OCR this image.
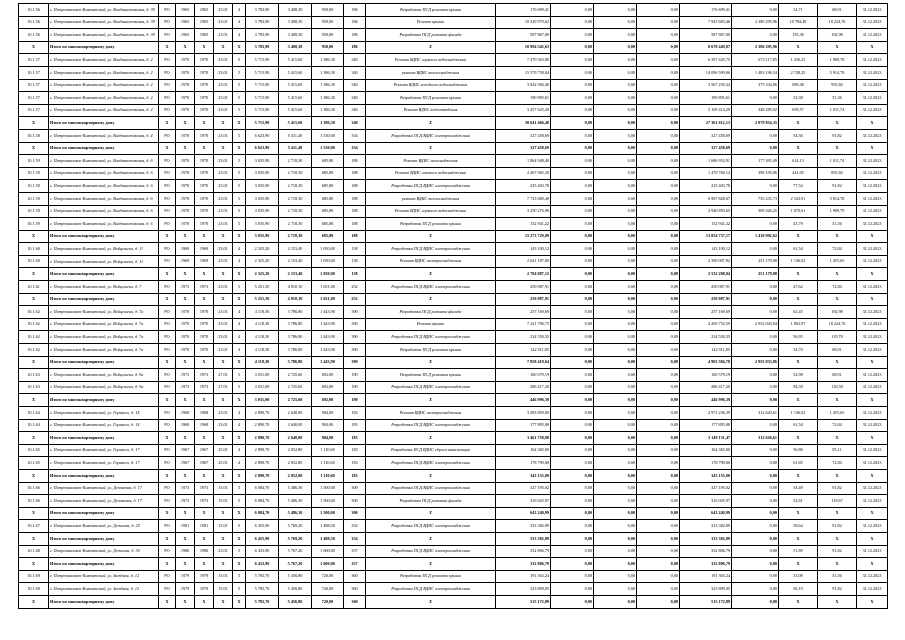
10.1.56	г. Петропавловск-Камчатский, ул. Владивостокская, д. 39	РО	1965	1965	23.01	4	3 783,90	3 408,30	950,00	186	Разработка ПСД ремонта крыши	176 699,41	0,00	0,00	0,00	176 699,41	0,00	34,71	68,91	31.12.2023
10.1.56	г. Петропавловск-Камчатский, ул. Владивостокская, д. 39	РО	1965	1965	23.01	4	3 783,90	3 408,30	950,00	186	Ремонт крыши	10 329 979,62	0,00	0,00	0,00	7 943 683,46	2 386 295,96	10 784,49	18 224,76	31.12.2023
10.1.56	г. Петропавловск-Камчатский, ул. Владивостокская, д. 39	РО	1965	1965	23.01	4	3 783,90	3 408,30	950,00	186	Разработка ПСД ремонта фасада	587 867,00	0,00	0,00	0,00	587 867,00	0,00	155,36	192,98	31.12.2023
X	Итого по многоквартирному дому	X	X	X	X	X	3 783,90	3 408,30	950,00	186	X	10 994 545,63	0,00	0,00	0,00	8 678 449,87	2 386 295,96	X	X	X
10.1.57	г. Петропавловск-Камчатский, ул. Владивостокская, д. 2	РО	1970	1970	23.01	5	5 715,90	5 415,60	1 386,30	340	Ремонт ВДИС горячего водоснабжения	7 470 563,80	0,00	0,00	0,00	6 397 445,75	673 117,85	1 236,25	1 909,78	31.12.2023
10.1.57	г. Петропавловск-Камчатский, ул. Владивостокская, д. 2	РО	1970	1970	23.01	5	5 715,90	5 415,60	1 386,30	340	ремонт ВДИС теплоснабжения	15 579 758,04	0,00	0,00	0,00	14 096 599,06	1 483 196,54	2 728,25	5 914,78	31.12.2023
10.1.57	г. Петропавловск-Камчатский, ул. Владивостокская, д. 2	РО	1970	1970	23.01	5	5 715,90	5 415,60	1 386,30	340	Ремонт ВДИС холодного водоснабжения	3 942 584,40	0,00	0,00	0,00	3 567 250,34	375 334,06	699,48	955,84	31.12.2023
10.1.57	г. Петропавловск-Камчатский, ул. Владивостокская, д. 2	РО	1970	1970	23.01	5	5 715,90	5 415,60	1 386,30	340	Разработка ПСД ремонта крыши	190 895,61	0,00	0,00	0,00	190 895,61	0,00	33,38	51,36	31.12.2023
10.1.57	г. Петропавловск-Камчатский, ул. Владивостокская, д. 2	РО	1970	1970	23.01	5	5 715,90	5 415,60	1 386,30	340	Ремонт ВДИС водоотведения	3 457 625,20	0,00	0,00	0,00	3 109 414,28	348 285,92	659,57	1 011,74	31.12.2023
X	Итого по многоквартирному дому	X	X	X	X	X	5 715,90	5 415,60	1 386,30	340	X	30 641 466,48	0,00	0,00	0,00	27 361 612,13	2 879 854,35	X	X	X
10.1.58	г. Петропавловск-Камчатский, ул. Владивостокская, д. 4	РО	1970	1970	23.01	5	6 623,90	5 411,40	1 530,00	354	Разработка ПСД ВДИС электроснабжения	327 458,69	0,00	0,00	0,00	327 458,69	0,00	54,36	91,82	31.12.2023
X	Итого по многоквартирному дому	X	X	X	X	X	6 623,90	5 411,40	1 530,00	354	X	327 458,69	0,00	0,00	0,00	327 458,69	0,00	X	X	X
10.1.59	г. Петропавловск-Камчатский, ул. Владивостокская, д. 6	РО	1970	1970	23.01	5	3 035,90	2 718,30	685,80	188	Ремонт ВДИС газоснабжения	1 864 948,40	0,00	0,00	0,00	1 686 952,91	177 495,49	614,13	1 011,74	31.12.2023
10.1.59	г. Петропавловск-Камчатский, ул. Владивостокская, д. 6	РО	1970	1970	23.01	5	3 035,90	2 718,30	685,80	188	Ремонт ВДИС газового водоснабжения	2 467 965,20	0,00	0,00	0,00	1 470 760,14	396 105,06	441,05	855,84	31.12.2023
10.1.59	г. Петропавловск-Камчатский, ул. Владивостокская, д. 6	РО	1970	1970	23.01	5	3 035,90	2 718,30	685,80	188	Разработка ПСД ВДИС электроснабжения	235 403,78	0,00	0,00	0,00	235 403,78	0,00	77,54	91,82	31.12.2023
10.1.59	г. Петропавловск-Камчатский, ул. Владивостокская, д. 6	РО	1970	1970	23.01	5	3 035,90	2 718,30	685,80	188	ремонт ВДИС теплоснабжения	7 723 069,40	0,00	0,00	0,00	6 987 828,67	735 235,73	2 543,91	5 914,78	31.12.2023
10.1.59	г. Петропавловск-Камчатский, ул. Владивостокская, д. 6	РО	1970	1970	23.01	5	3 035,90	2 718,30	685,80	188	Ремонт ВДИС горячего водоснабжения	3 250 276,90	0,00	0,00	0,00	2 940 850,65	309 426,25	1 070,61	1 909,79	31.12.2023
10.1.59	г. Петропавловск-Камчатский, ул. Владивостокская, д. 6	РО	1970	1970	23.01	5	3 035,90	2 718,30	685,80	188	Разработка ПСД ремонта крыши	132 941,22	0,00	0,00	0,00	132 941,22	0,00	43,79	51,36	31.12.2023
X	Итого по многоквартирному дому	X	X	X	X	X	3 035,90	2 718,30	685,80	188	X	15 273 729,09	0,00	0,00	0,00	13 854 737,17	1 418 992,62	X	X	X
10.1.60	г. Петропавловск-Камчатский, ул. Войцешека, д. 11	РО	1969	1969	23.01	4	2 325,20	2 153,40	1 050,00	138	Разработка ПСД ВДИС электроснабжения	143 100,12	0,00	0,00	0,00	143 100,12	0,00	61,54	72,84	31.12.2023
10.1.60	г. Петропавловск-Камчатский, ул. Войцешека, д. 11	РО	1969	1969	23.01	4	2 325,20	2 153,40	1 050,00	138	Ремонт ВДИС электроснабжения	2 641 187,00	0,00	0,00	0,00	2 390 007,92	251 179,08	1 136,02	1 455,65	31.12.2023
X	Итого по многоквартирному дому	X	X	X	X	X	2 325,20	2 153,40	1 050,00	138	X	2 784 087,12	0,00	0,00	0,00	2 532 208,04	251 179,08	X	X	X
10.1.61	г. Петропавловск-Камчатский, ул. Войцешека, д. 7	РО	1973	1973	23.01	5	5 251,50	4 910,10	1 651,00	252	Разработка ПСД ВДИС электроснабжения	250 087,91	0,00	0,00	0,00	250 087,91	0,00	47,62	72,84	31.12.2023
X	Итого по многоквартирному дому	X	X	X	X	X	5 251,50	4 910,10	1 651,00	252	X	250 087,91	0,00	0,00	0,00	250 087,91	0,00	X	X	X
10.1.62	г. Петропавловск-Камчатский, ул. Войцешека, д. 7а	РО	1970	1970	23.01	4	4 118,30	3 786,80	1 443,90	390	Разработка ПСД ремонта фасада	257 169,69	0,00	0,00	0,00	257 169,69	0,00	62,45	192,98	31.12.2023
10.1.62	г. Петропавловск-Камчатский, ул. Войцешека, д. 7а	РО	1970	1970	23.01	4	4 118,30	3 786,80	1 443,90	390	Ремонт крыши	7 221 796,75	0,00	0,00	0,00	4 269 752,59	2 952 043,94	1 802,97	18 224,76	31.12.2023
10.1.62	г. Петропавловск-Камчатский, ул. Войцешека, д. 7а	РО	1970	1970	23.01	4	4 118,30	3 786,80	1 443,90	390	Разработка ПСД ВДИС электроснабжения	234 550,35	0,00	0,00	0,00	234 550,35	0,00	56,95	119,78	31.12.2023
10.1.62	г. Петропавловск-Камчатский, ул. Войцешека, д. 7а	РО	1970	1970	23.01	4	4 118,30	3 786,80	1 443,90	390	Разработка ПСД ремонта крыши	142 911,85	0,00	0,00	0,00	142 911,85	0,00	34,70	68,91	31.12.2023
X	Итого по многоквартирному дому	X	X	X	X	X	4 118,30	3 786,80	1 443,90	390	X	7 858 418,64	0,00	0,00	0,00	4 903 384,78	2 955 033,86	X	X	X
10.1.63	г. Петропавловск-Камчатский, ул. Войцешека, д. 9а	РО	1973	1973	27.01	5	3 031,00	2 725,60	692,00	190	Разработка ПСД ремонта крыши	160 579,19	0,00	0,00	0,00	160 579,19	0,00	52,98	68,91	31.12.2023
10.1.63	г. Петропавловск-Камчатский, ул. Войцешека, д. 9а	РО	1973	1973	27.01	5	3 031,00	2 725,60	692,00	190	Разработка ПСД ВДИС электроснабжения	286 417,20	0,00	0,00	0,00	286 417,20	0,00	94,50	116,58	31.12.2023
X	Итого по многоквартирному дому	X	X	X	X	X	3 031,00	2 725,60	692,00	190	X	446 996,39	0,00	0,00	0,00	446 996,39	0,00	X	X	X
10.1.64	г. Петропавловск-Камчатский, ул. Горького, д. 14	РО	1968	1968	23.01	4	2 890,70	2 640,00	904,00	183	Ремонт ВДИС электроснабжения	3 283 859,00	0,00	0,00	0,00	2 971 236,39	312 620,61	1 136,02	1 455,65	31.12.2023
10.1.64	г. Петропавловск-Камчатский, ул. Горького, д. 14	РО	1968	1968	23.01	4	2 890,70	2 640,00	904,00	183	Разработка ПСД ВДИС электроснабжения	177 895,08	0,00	0,00	0,00	177 895,08	0,00	61,54	72,84	31.12.2023
X	Итого по многоквартирному дому	X	X	X	X	X	2 890,70	2 640,00	904,00	183	X	3 461 758,08	0,00	0,00	0,00	3 149 131,47	312 626,61	X	X	X
10.1.65	г. Петропавловск-Камчатский, ул. Горького, д. 17	РО	1967	1967	25.01	4	2 890,70	2 052,80	1 110,60	183	Разработка ПСД ВДИС сброса канализации	164 365,00	0,00	0,00	0,00	164 365,00	0,00	56,86	85,11	31.12.2023
10.1.65	г. Петропавловск-Камчатский, ул. Горького, д. 17	РО	1967	1967	25.01	4	2 890,70	2 052,80	1 110,60	183	Разработка ПСД ВДИС электроснабжения	178 790,00	0,00	0,00	0,00	178 790,00	0,00	61,85	72,84	31.12.2023
X	Итого по многоквартирному дому	X	X	X	X	X	2 890,70	2 052,80	1 110,60	183	X	343 155,00	0,00	0,00	0,00	343 155,00	0,00	X	X	X
10.1.66	г. Петропавловск-Камчатский, ул. Деповская, д. 17	РО	1973	1973	15.01	5	6 084,70	5 486,30	1 500,00	300	Разработка ПСД ВДИС электроснабжения	327 195,02	0,00	0,00	0,00	327 195,02	0,00	54,49	91,82	31.12.2023
10.1.66	г. Петропавловск-Камчатский, ул. Деповская, д. 17	РО	1973	1973	15.01	5	6 084,70	5 486,30	1 500,00	300	Разработка ПСД ремонта фасада	316 045,97	0,00	0,00	0,00	316 045,97	0,00	52,61	119,67	31.12.2023
X	Итого по многоквартирному дому	X	X	X	X	X	6 084,70	5 486,30	1 500,00	300	X	643 240,99	0,00	0,00	0,00	643 240,99	0,00	X	X	X
10.1.67	г. Петропавловск-Камчатский, ул. Дежнева, д. 25	РО	1981	1981	15.01	5	6 455,90	5 769,20	1 488,50	354	Разработка ПСД ВДИС электроснабжения	333 382,89	0,00	0,00	0,00	333 382,89	0,00	58,64	91,82	31.12.2023
X	Итого по многоквартирному дому	X	X	X	X	X	6 455,90	5 769,20	1 488,50	354	X	333 382,89	0,00	0,00	0,00	333 382,89	0,00	X	X	X
10.1.68	г. Петропавловск-Камчатский, ул. Дежнева, д. 30	РО	1980	1980	23.01	5	6 433,90	5 767,20	1 600,00	357	Разработка ПСД ВДИС электроснабжения	332 806,79	0,00	0,00	0,00	332 806,79	0,00	51,89	91,82	31.12.2023
X	Итого по многоквартирному дому	X	X	X	X	X	6 433,90	5 767,20	1 600,00	357	X	332 806,79	0,00	0,00	0,00	332 806,79	0,00	X	X	X
10.1.69	г. Петропавловск-Камчатский, ул. Звездная, д. 12	РО	1979	1979	15.01	5	5 783,70	5 456,80	720,00	360	Разработка ПСД ремонта крыши	191 363,24	0,00	0,00	0,00	191 363,24	0,00	33,08	51,36	31.12.2023
10.1.69	г. Петропавловск-Камчатский, ул. Звездная, д. 12	РО	1979	1979	15.01	5	5 783,70	5 456,80	720,00	360	Разработка ПСД ВДИС электроснабжения	323 809,05	0,00	0,00	0,00	323 809,05	0,00	56,19	91,82	31.12.2023
X	Итого по многоквартирному дому	X	X	X	X	X	5 783,70	5 456,80	720,00	360	X	515 172,89	0,00	0,00	0,00	515 172,89	0,00	X	X	X
